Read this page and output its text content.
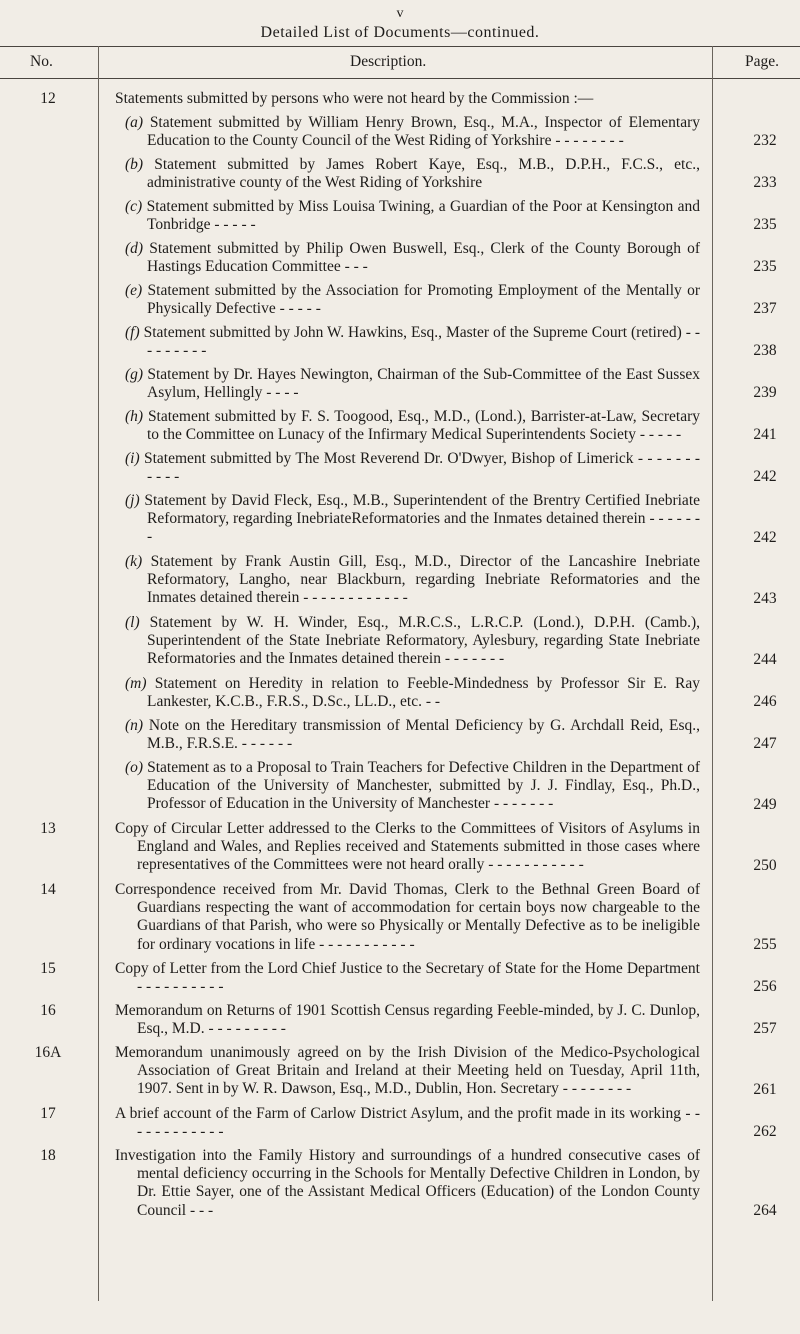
v
Detailed List of Documents—continued.
No.	Description.	Page.
12	Statements submitted by persons who were not heard by the Commission :—
(a) Statement submitted by William Henry Brown, Esq., M.A., Inspector of Elementary Education to the County Council of the West Riding of Yorkshire - - - - - - - -	232
(b) Statement submitted by James Robert Kaye, Esq., M.B., D.P.H., F.C.S., etc., administrative county of the West Riding of Yorkshire	233
(c) Statement submitted by Miss Louisa Twining, a Guardian of the Poor at Kensington and Tonbridge - - - - -	235
(d) Statement submitted by Philip Owen Buswell, Esq., Clerk of the County Borough of Hastings Education Committee - - -	235
(e) Statement submitted by the Association for Promoting Employment of the Mentally or Physically Defective - - - - -	237
(f) Statement submitted by John W. Hawkins, Esq., Master of the Supreme Court (retired) - - - - - - - - -	238
(g) Statement by Dr. Hayes Newington, Chairman of the Sub-Committee of the East Sussex Asylum, Hellingly - - - -	239
(h) Statement submitted by F. S. Toogood, Esq., M.D., (Lond.), Barrister-at-Law, Secretary to the Committee on Lunacy of the Infirmary Medical Superintendents Society - - - - -	241
(i) Statement submitted by The Most Reverend Dr. O'Dwyer, Bishop of Limerick - - - - - - - - - - -	242
(j) Statement by David Fleck, Esq., M.B., Superintendent of the Brentry Certified Inebriate Reformatory, regarding InebriateReformatories and the Inmates detained therein - - - - - - -	242
(k) Statement by Frank Austin Gill, Esq., M.D., Director of the Lancashire Inebriate Reformatory, Langho, near Blackburn, regarding Inebriate Reformatories and the Inmates detained therein - - - - - - - - - - - -	243
(l) Statement by W. H. Winder, Esq., M.R.C.S., L.R.C.P. (Lond.), D.P.H. (Camb.), Superintendent of the State Inebriate Reformatory, Aylesbury, regarding State Inebriate Reformatories and the Inmates detained therein - - - - - - -	244
(m) Statement on Heredity in relation to Feeble-Mindedness by Professor Sir E. Ray Lankester, K.C.B., F.R.S., D.Sc., LL.D., etc. - -	246
(n) Note on the Hereditary transmission of Mental Deficiency by G. Archdall Reid, Esq., M.B., F.R.S.E. - - - - - -	247
(o) Statement as to a Proposal to Train Teachers for Defective Children in the Department of Education of the University of Manchester, submitted by J. J. Findlay, Esq., Ph.D., Professor of Education in the University of Manchester - - - - - - -	249
13	Copy of Circular Letter addressed to the Clerks to the Committees of Visitors of Asylums in England and Wales, and Replies received and Statements submitted in those cases where representatives of the Committees were not heard orally - - - - - - - - - - -	250
14	Correspondence received from Mr. David Thomas, Clerk to the Bethnal Green Board of Guardians respecting the want of accommodation for certain boys now chargeable to the Guardians of that Parish, who were so Physically or Mentally Defective as to be ineligible for ordinary vocations in life - - - - - - - - - - -	255
15	Copy of Letter from the Lord Chief Justice to the Secretary of State for the Home Department - - - - - - - - - -	256
16	Memorandum on Returns of 1901 Scottish Census regarding Feeble-minded, by J. C. Dunlop, Esq., M.D. - - - - - - - - -	257
16A	Memorandum unanimously agreed on by the Irish Division of the Medico-Psychological Association of Great Britain and Ireland at their Meeting held on Tuesday, April 11th, 1907. Sent in by W. R. Dawson, Esq., M.D., Dublin, Hon. Secretary - - - - - - - -	261
17	A brief account of the Farm of Carlow District Asylum, and the profit made in its working - - - - - - - - - - - -	262
18	Investigation into the Family History and surroundings of a hundred consecutive cases of mental deficiency occurring in the Schools for Mentally Defective Children in London, by Dr. Ettie Sayer, one of the Assistant Medical Officers (Education) of the London County Council - - -	264
